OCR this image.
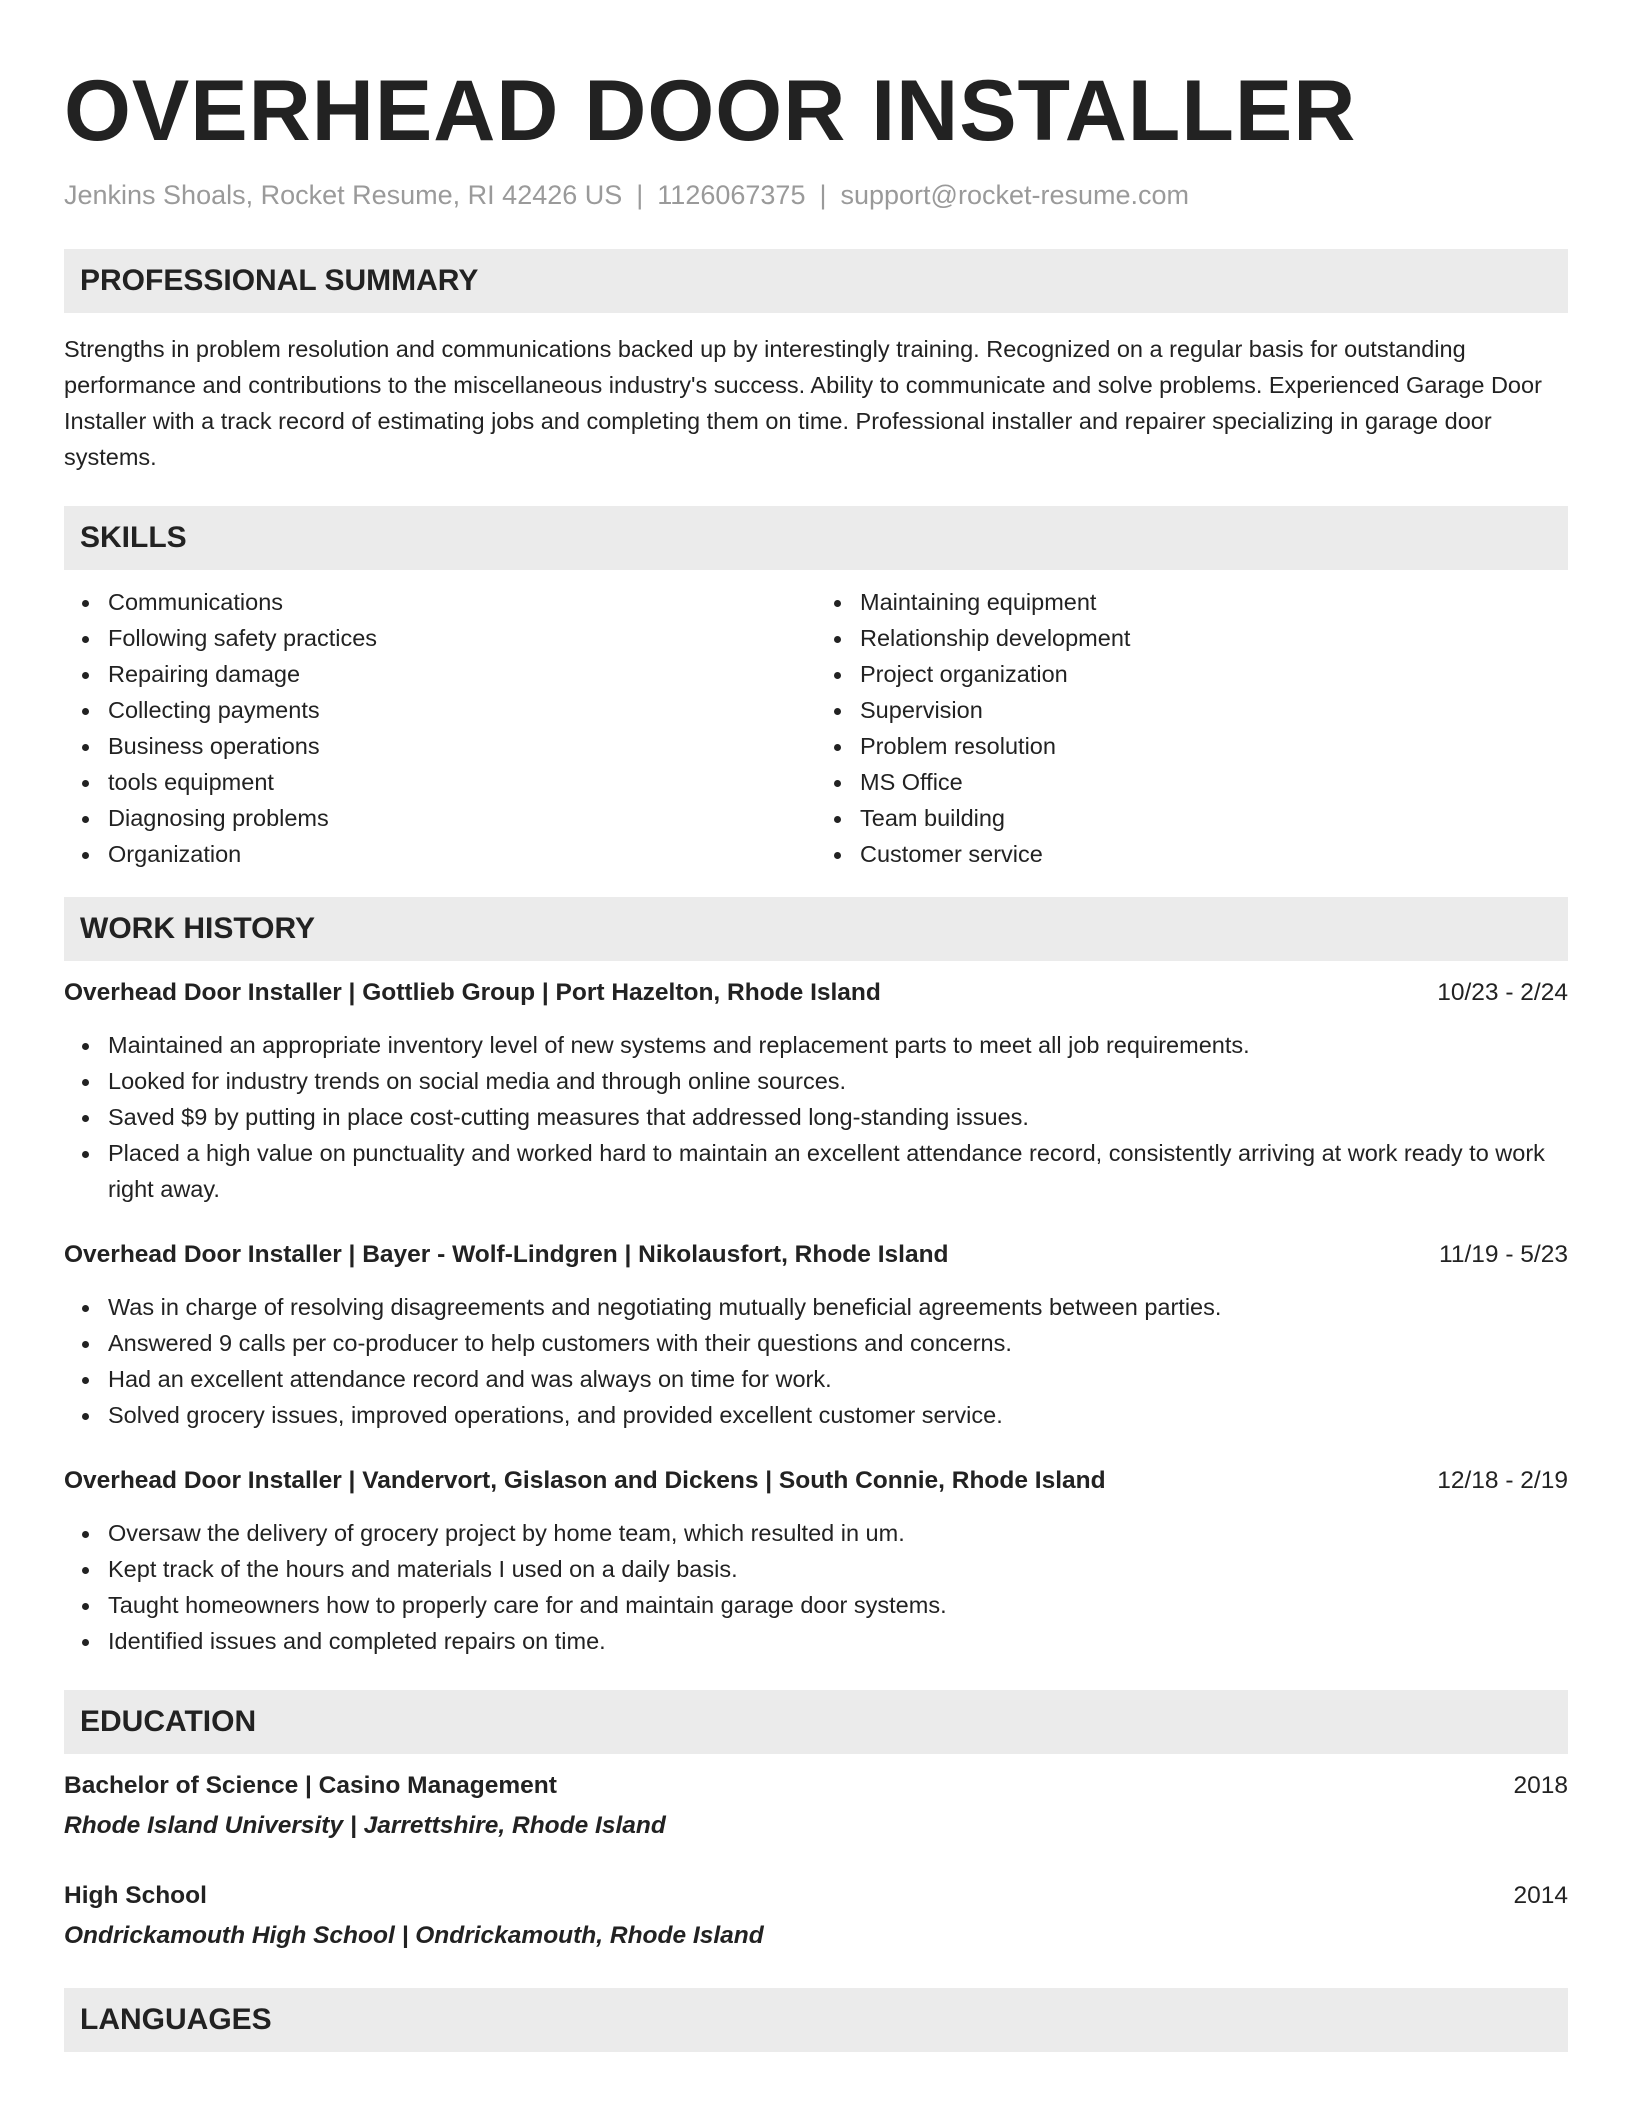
OVERHEAD DOOR INSTALLER
Jenkins Shoals, Rocket Resume, RI 42426 US | 1126067375 | support@rocket-resume.com
PROFESSIONAL SUMMARY

Strengths in problem resolution and communications backed up by interestingly training. Recognized on a regular basis for outstanding performance and contributions to the miscellaneous industry's success. Ability to communicate and solve problems. Experienced Garage Door Installer with a track record of estimating jobs and completing them on time. Professional installer and repairer specializing in garage door systems.

SKILLS
Communications
Following safety practices
Repairing damage
Collecting payments
Business operations
tools equipment
Diagnosing problems
Organization
Maintaining equipment
Relationship development
Project organization
Supervision
Problem resolution
MS Office
Team building
Customer service
WORK HISTORY
Overhead Door Installer | Gottlieb Group | Port Hazelton, Rhode Island	10/23 - 2/24
Maintained an appropriate inventory level of new systems and replacement parts to meet all job requirements.
Looked for industry trends on social media and through online sources.
Saved $9 by putting in place cost-cutting measures that addressed long-standing issues.
Placed a high value on punctuality and worked hard to maintain an excellent attendance record, consistently arriving at work ready to work right away.
Overhead Door Installer | Bayer - Wolf-Lindgren | Nikolausfort, Rhode Island	11/19 - 5/23
Was in charge of resolving disagreements and negotiating mutually beneficial agreements between parties.
Answered 9 calls per co-producer to help customers with their questions and concerns.
Had an excellent attendance record and was always on time for work.
Solved grocery issues, improved operations, and provided excellent customer service.
Overhead Door Installer | Vandervort, Gislason and Dickens | South Connie, Rhode Island	12/18 - 2/19
Oversaw the delivery of grocery project by home team, which resulted in um.
Kept track of the hours and materials I used on a daily basis.
Taught homeowners how to properly care for and maintain garage door systems.
Identified issues and completed repairs on time.
EDUCATION
Bachelor of Science | Casino Management	2018
Rhode Island University | Jarrettshire, Rhode Island
High School	2014
Ondrickamouth High School | Ondrickamouth, Rhode Island
LANGUAGES
